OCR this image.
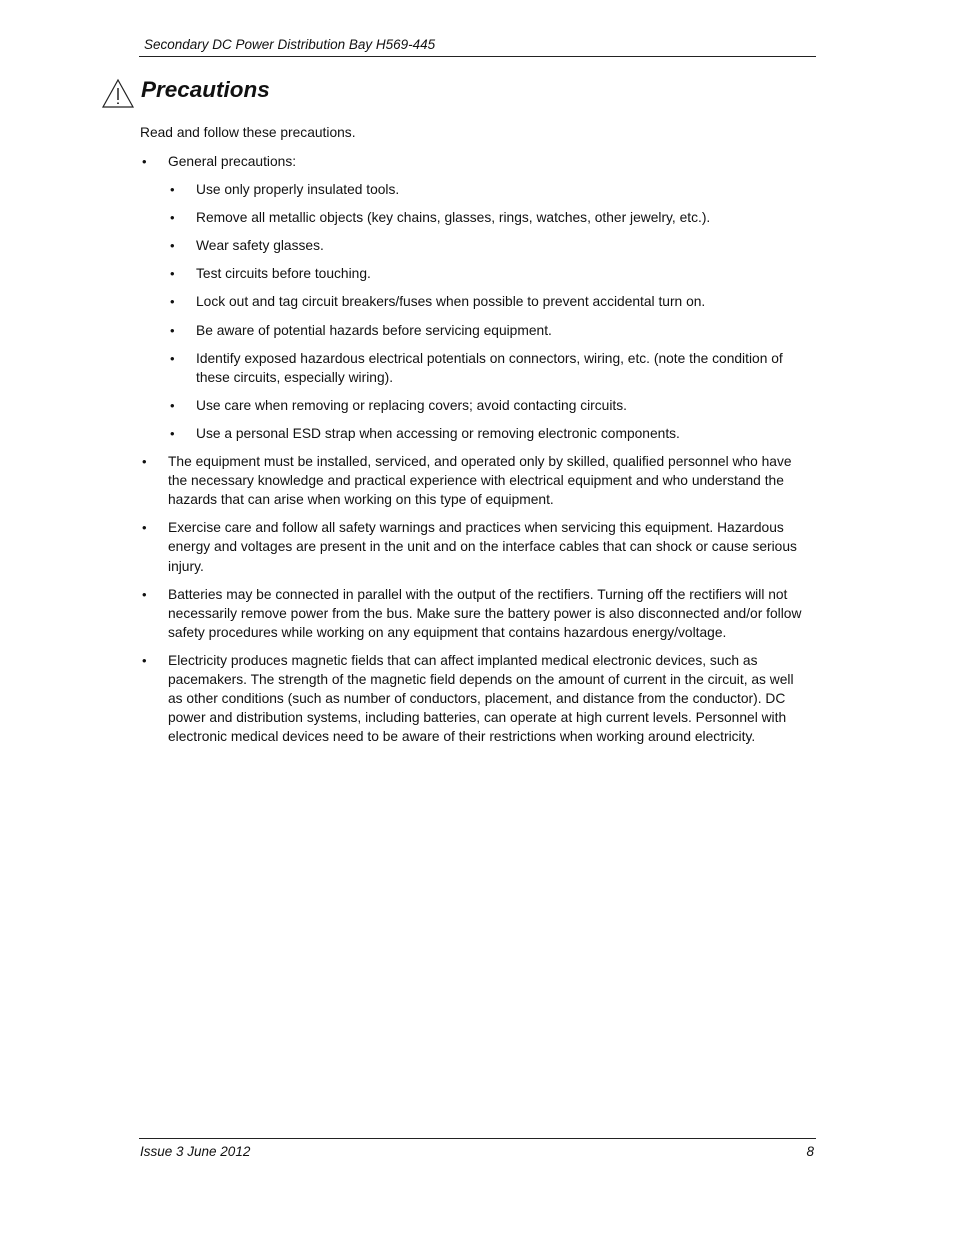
Secondary DC Power Distribution Bay H569-445
Precautions

Read and follow these precautions.

• General precautions:
• Use only properly insulated tools.
• Remove all metallic objects (key chains, glasses, rings, watches, other jewelry, etc.).
• Wear safety glasses.
• Test circuits before touching.
• Lock out and tag circuit breakers/fuses when possible to prevent accidental turn on.
• Be aware of potential hazards before servicing equipment.
• Identify exposed hazardous electrical potentials on connectors, wiring, etc. (note the condition of these circuits, especially wiring).
• Use care when removing or replacing covers; avoid contacting circuits.
• Use a personal ESD strap when accessing or removing electronic components.
• The equipment must be installed, serviced, and operated only by skilled, qualified personnel who have the necessary knowledge and practical experience with electrical equipment and who understand the hazards that can arise when working on this type of equipment.
• Exercise care and follow all safety warnings and practices when servicing this equipment. Hazardous energy and voltages are present in the unit and on the interface cables that can shock or cause serious injury.
• Batteries may be connected in parallel with the output of the rectifiers. Turning off the rectifiers will not necessarily remove power from the bus. Make sure the battery power is also disconnected and/or follow safety procedures while working on any equipment that contains hazardous energy/voltage.
• Electricity produces magnetic fields that can affect implanted medical electronic devices, such as pacemakers. The strength of the magnetic field depends on the amount of current in the circuit, as well as other conditions (such as number of conductors, placement, and distance from the conductor). DC power and distribution systems, including batteries, can operate at high current levels. Personnel with electronic medical devices need to be aware of their restrictions when working around electricity.
Issue 3 June 2012	8
